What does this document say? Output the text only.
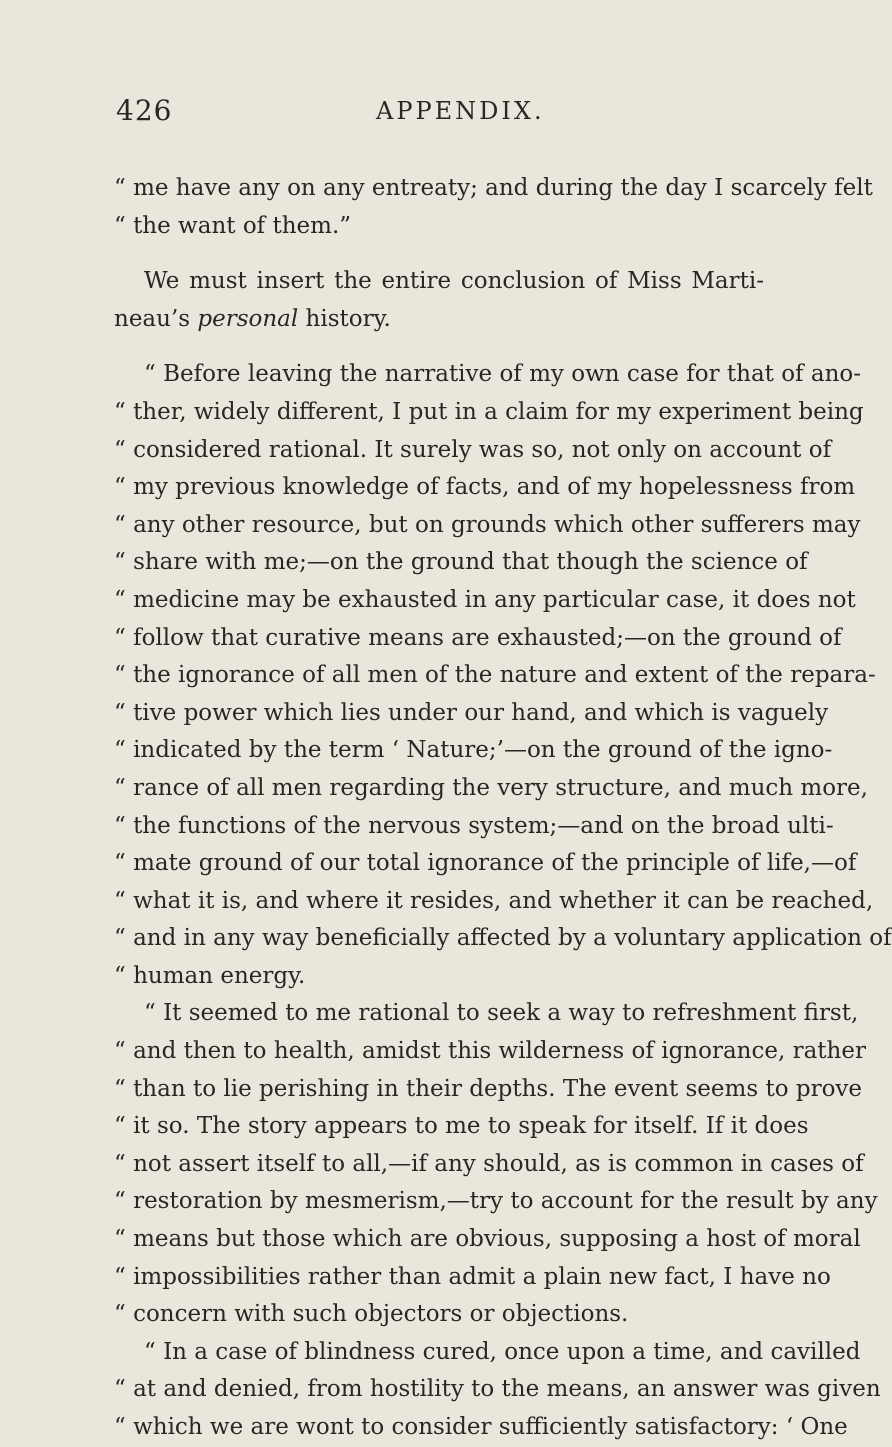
426	APPENDIX.
“ me have any on any entreaty; and during the day I scarcely felt
“ the want of them.”
We must insert the entire conclusion of Miss Marti-
neau’s personal history.
“ Before leaving the narrative of my own case for that of ano-
“ ther, widely different, I put in a claim for my experiment being
“ considered rational. It surely was so, not only on account of
“ my previous knowledge of facts, and of my hopelessness from
“ any other resource, but on grounds which other sufferers may
“ share with me;—on the ground that though the science of
“ medicine may be exhausted in any particular case, it does not
“ follow that curative means are exhausted;—on the ground of
“ the ignorance of all men of the nature and extent of the repara-
“ tive power which lies under our hand, and which is vaguely
“ indicated by the term ‘ Nature;’—on the ground of the igno-
“ rance of all men regarding the very structure, and much more,
“ the functions of the nervous system;—and on the broad ulti-
“ mate ground of our total ignorance of the principle of life,—of
“ what it is, and where it resides, and whether it can be reached,
“ and in any way beneficially affected by a voluntary application of
“ human energy.
“ It seemed to me rational to seek a way to refreshment first,
“ and then to health, amidst this wilderness of ignorance, rather
“ than to lie perishing in their depths. The event seems to prove
“ it so. The story appears to me to speak for itself. If it does
“ not assert itself to all,—if any should, as is common in cases of
“ restoration by mesmerism,—try to account for the result by any
“ means but those which are obvious, supposing a host of moral
“ impossibilities rather than admit a plain new fact, I have no
“ concern with such objectors or objections.
“ In a case of blindness cured, once upon a time, and cavilled
“ at and denied, from hostility to the means, an answer was given
“ which we are wont to consider sufficiently satisfactory: ‘ One
